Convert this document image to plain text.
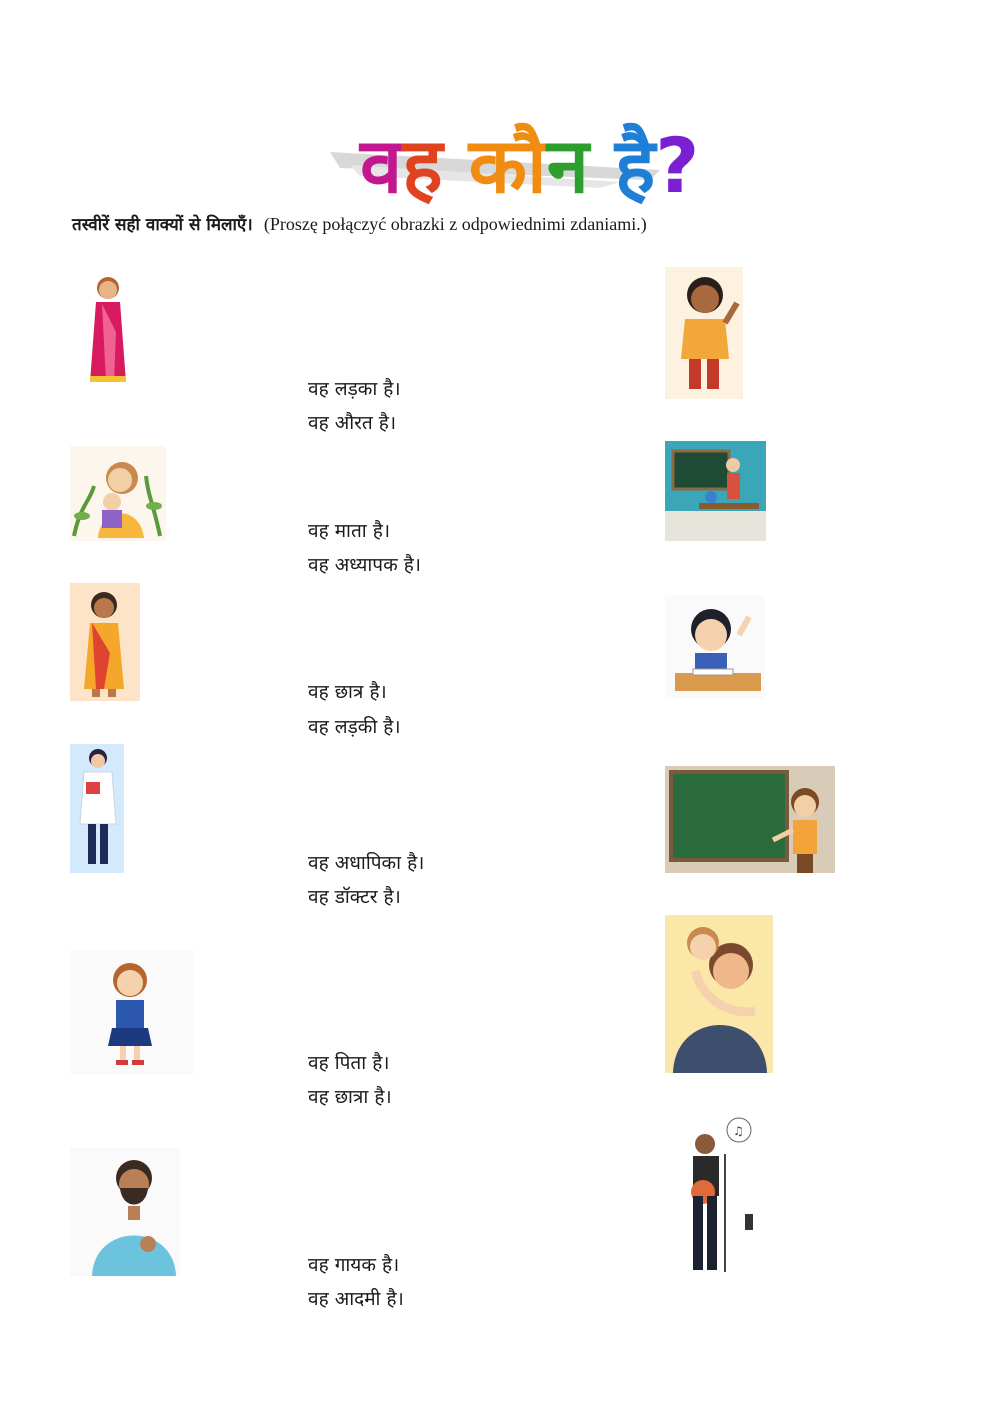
वह कौन है?
तस्वीरें सही वाक्यों से मिलाएँ। (Proszę połączyć obrazki z odpowiednimi zdaniami.)
♫
वह लड़का है।
वह औरत है।
वह माता है।
वह अध्यापक है।
वह छात्र है।
वह लड़की है।
वह अधापिका है।
वह डॉक्टर है।
वह पिता है।
वह छात्रा है।
वह गायक है।
वह आदमी है।
